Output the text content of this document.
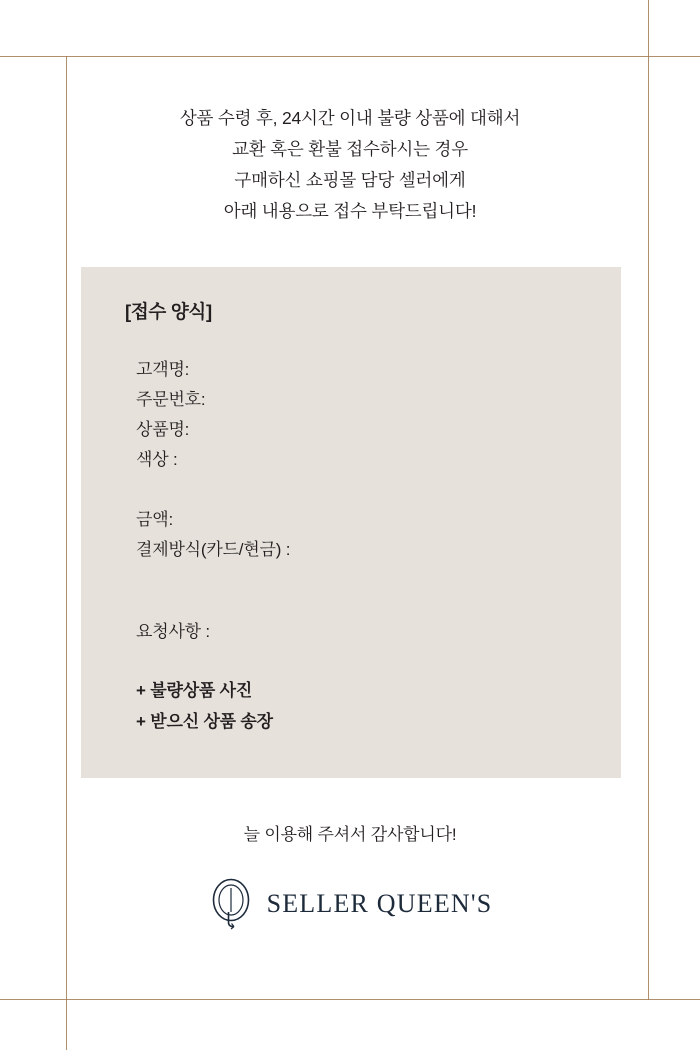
상품 수령 후, 24시간 이내 불량 상품에 대해서
교환 혹은 환불 접수하시는 경우
구매하신 쇼핑몰 담당 셀러에게
아래 내용으로 접수 부탁드립니다!
[접수 양식]
고객명:
주문번호:
상품명:
색상 :
금액:
결제방식(카드/현금) :
요청사항 :
+ 불량상품 사진
+ 받으신 상품 송장
늘 이용해 주셔서 감사합니다!
SELLER QUEEN'S
